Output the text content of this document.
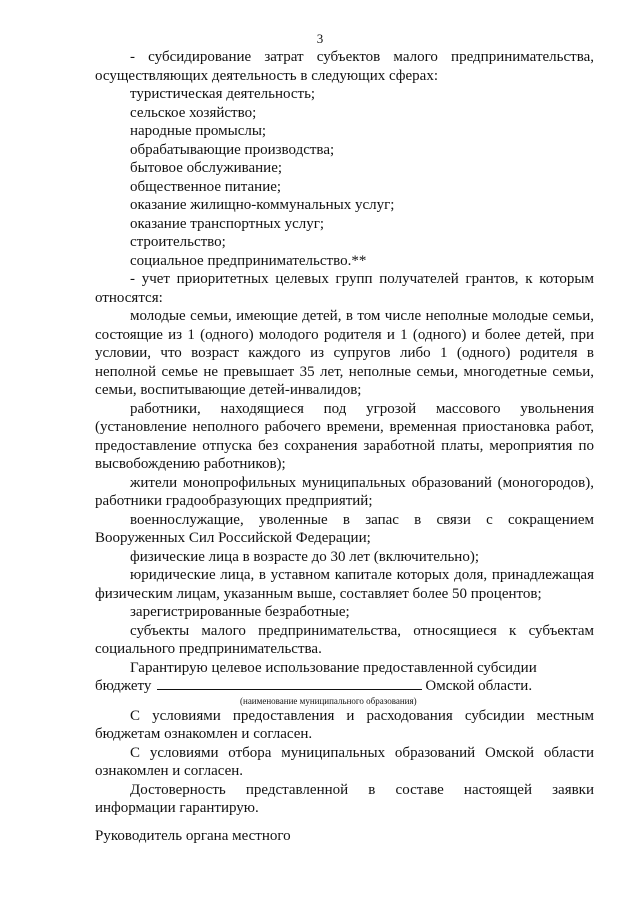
3

- субсидирование затрат субъектов малого предпринимательства, осуществляющих деятельность в следующих сферах:

туристическая деятельность;

сельское хозяйство;

народные промыслы;

обрабатывающие производства;

бытовое обслуживание;

общественное питание;

оказание жилищно-коммунальных услуг;

оказание транспортных услуг;

строительство;

социальное предпринимательство.**

- учет приоритетных целевых групп получателей грантов, к которым относятся:

молодые семьи, имеющие детей, в том числе неполные молодые семьи, состоящие из 1 (одного) молодого родителя и 1 (одного) и более детей, при условии, что возраст каждого из супругов либо 1 (одного) родителя в неполной семье не превышает 35 лет, неполные семьи, многодетные семьи, семьи, воспитывающие детей-инвалидов;

работники, находящиеся под угрозой массового увольнения (установление неполного рабочего времени, временная приостановка работ, предоставление отпуска без сохранения заработной платы, мероприятия по высвобождению работников);

жители монопрофильных муниципальных образований (моногородов), работники градообразующих предприятий;

военнослужащие, уволенные в запас в связи с сокращением Вооруженных Сил Российской Федерации;

физические лица в возрасте до 30 лет (включительно);

юридические лица, в уставном капитале которых доля, принадлежащая физическим лицам, указанным выше, составляет более 50 процентов;

зарегистрированные безработные;

субъекты малого предпринимательства, относящиеся к субъектам социального предпринимательства.

Гарантирую целевое использование предоставленной субсидии

бюджету	Омской области.

(наименование муниципального образования)

С условиями предоставления и расходования субсидии местным бюджетам ознакомлен и согласен.

С условиями отбора муниципальных образований Омской области ознакомлен и согласен.

Достоверность представленной в составе настоящей заявки информации гарантирую.

Руководитель органа местного
